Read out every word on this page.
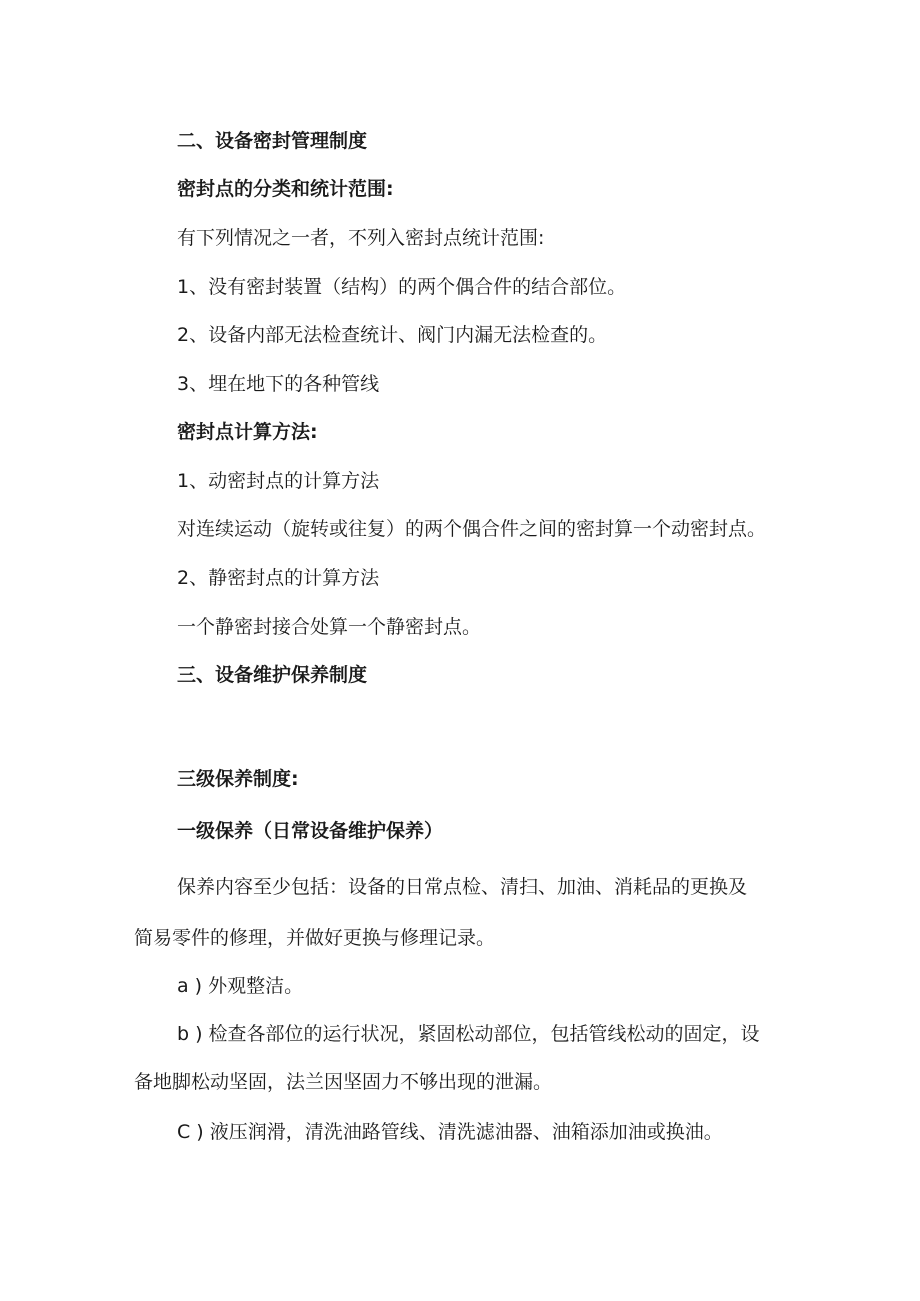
二、设备密封管理制度

密封点的分类和统计范围:

有下列情况之一者，不列入密封点统计范围:

1、没有密封装置（结构）的两个偶合件的结合部位。

2、设备内部无法检查统计、阀门内漏无法检查的。

3、埋在地下的各种管线

密封点计算方法:

1、动密封点的计算方法

对连续运动（旋转或往复）的两个偶合件之间的密封算一个动密封点。

2、静密封点的计算方法

一个静密封接合处算一个静密封点。

三、设备维护保养制度

三级保养制度:

一级保养（日常设备维护保养）

保养内容至少包括：设备的日常点检、清扫、加油、消耗品的更换及

简易零件的修理，并做好更换与修理记录。

a ) 外观整洁。

b ) 检查各部位的运行状况，紧固松动部位，包括管线松动的固定，设

备地脚松动坚固，法兰因坚固力不够出现的泄漏。

C ) 液压润滑，清洗油路管线、清洗滤油器、油箱添加油或换油。
